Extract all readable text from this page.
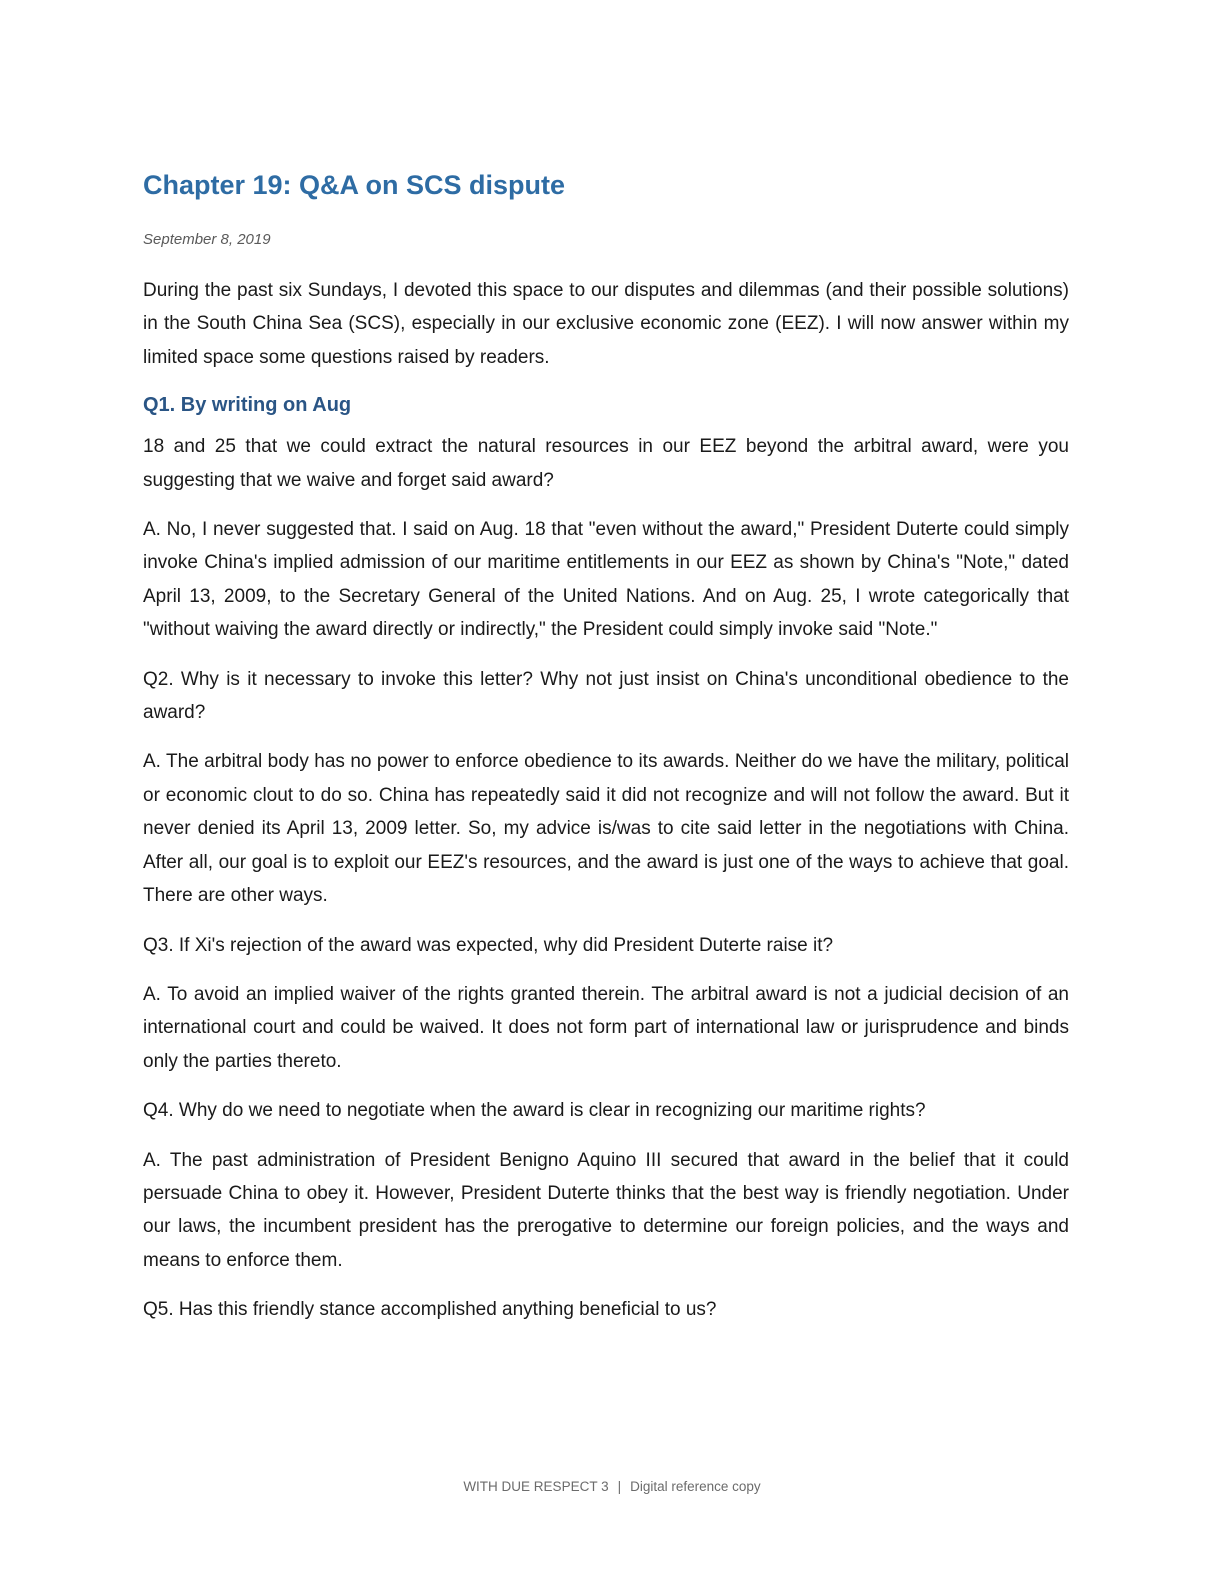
Chapter 19: Q&A on SCS dispute

September 8, 2019

During the past six Sundays, I devoted this space to our disputes and dilemmas (and their possible solutions) in the South China Sea (SCS), especially in our exclusive economic zone (EEZ). I will now answer within my limited space some questions raised by readers.

Q1. By writing on Aug

18 and 25 that we could extract the natural resources in our EEZ beyond the arbitral award, were you suggesting that we waive and forget said award?

A. No, I never suggested that. I said on Aug. 18 that "even without the award," President Duterte could simply invoke China's implied admission of our maritime entitlements in our EEZ as shown by China's "Note," dated April 13, 2009, to the Secretary General of the United Nations. And on Aug. 25, I wrote categorically that "without waiving the award directly or indirectly," the President could simply invoke said "Note."

Q2. Why is it necessary to invoke this letter? Why not just insist on China's unconditional obedience to the award?

A. The arbitral body has no power to enforce obedience to its awards. Neither do we have the military, political or economic clout to do so. China has repeatedly said it did not recognize and will not follow the award. But it never denied its April 13, 2009 letter. So, my advice is/was to cite said letter in the negotiations with China. After all, our goal is to exploit our EEZ's resources, and the award is just one of the ways to achieve that goal. There are other ways.

Q3. If Xi's rejection of the award was expected, why did President Duterte raise it?

A. To avoid an implied waiver of the rights granted therein. The arbitral award is not a judicial decision of an international court and could be waived. It does not form part of international law or jurisprudence and binds only the parties thereto.

Q4. Why do we need to negotiate when the award is clear in recognizing our maritime rights?

A. The past administration of President Benigno Aquino III secured that award in the belief that it could persuade China to obey it. However, President Duterte thinks that the best way is friendly negotiation. Under our laws, the incumbent president has the prerogative to determine our foreign policies, and the ways and means to enforce them.

Q5. Has this friendly stance accomplished anything beneficial to us?

WITH DUE RESPECT 3 | Digital reference copy
